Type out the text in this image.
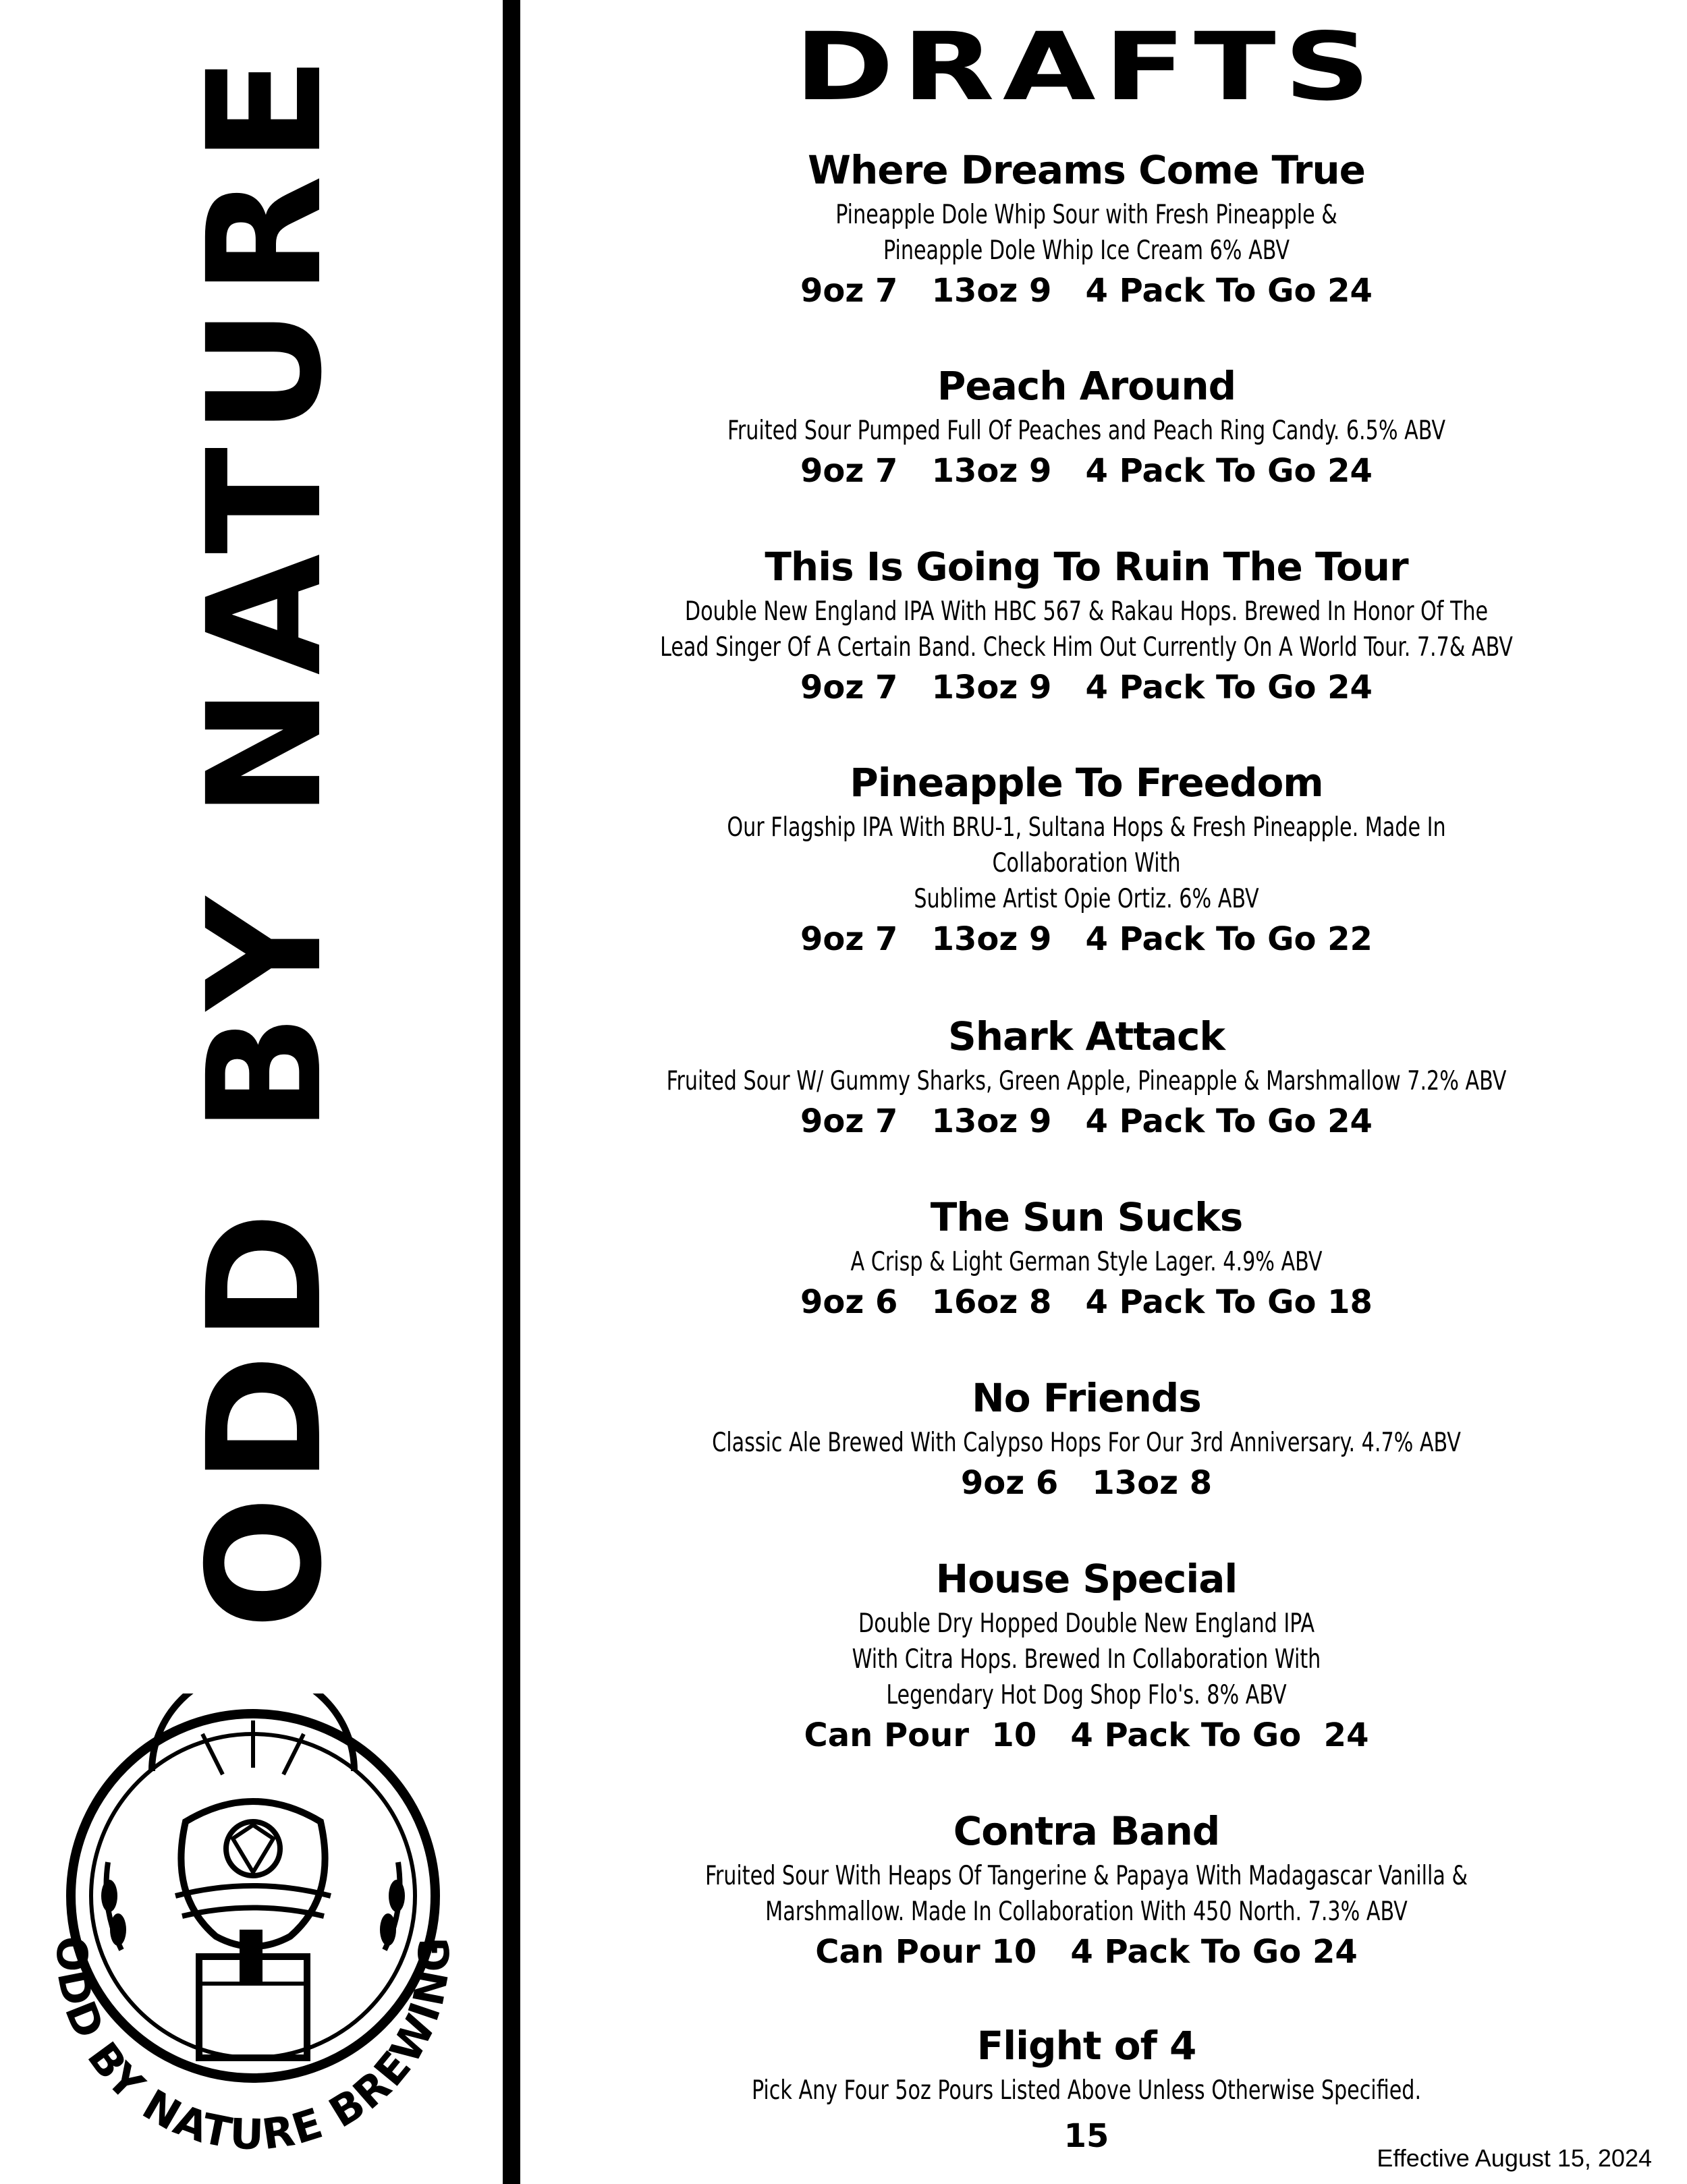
ODD BY NATURE
ODD BY NATURE BREWING
DRAFTS
Where Dreams Come True
Pineapple Dole Whip Sour with Fresh Pineapple &
Pineapple Dole Whip Ice Cream 6% ABV
9oz 7   13oz 9   4 Pack To Go 24
Peach Around
Fruited Sour Pumped Full Of Peaches and Peach Ring Candy. 6.5% ABV
9oz 7   13oz 9   4 Pack To Go 24
This Is Going To Ruin The Tour
Double New England IPA With HBC 567 & Rakau Hops. Brewed In Honor Of The
Lead Singer Of A Certain Band. Check Him Out Currently On A World Tour. 7.7& ABV
9oz 7   13oz 9   4 Pack To Go 24
Pineapple To Freedom
Our Flagship IPA With BRU-1, Sultana Hops & Fresh Pineapple. Made In
Collaboration With
Sublime Artist Opie Ortiz. 6% ABV
9oz 7   13oz 9   4 Pack To Go 22
Shark Attack
Fruited Sour W/ Gummy Sharks, Green Apple, Pineapple & Marshmallow 7.2% ABV
9oz 7   13oz 9   4 Pack To Go 24
The Sun Sucks
A Crisp & Light German Style Lager. 4.9% ABV
9oz 6   16oz 8   4 Pack To Go 18
No Friends
Classic Ale Brewed With Calypso Hops For Our 3rd Anniversary. 4.7% ABV
9oz 6   13oz 8
House Special
Double Dry Hopped Double New England IPA
With Citra Hops. Brewed In Collaboration With
Legendary Hot Dog Shop Flo's. 8% ABV
Can Pour  10   4 Pack To Go  24
Contra Band
Fruited Sour With Heaps Of Tangerine & Papaya With Madagascar Vanilla &
Marshmallow. Made In Collaboration With 450 North. 7.3% ABV
Can Pour 10   4 Pack To Go 24
Flight of 4
Pick Any Four 5oz Pours Listed Above Unless Otherwise Specified.
15
Effective August 15, 2024
